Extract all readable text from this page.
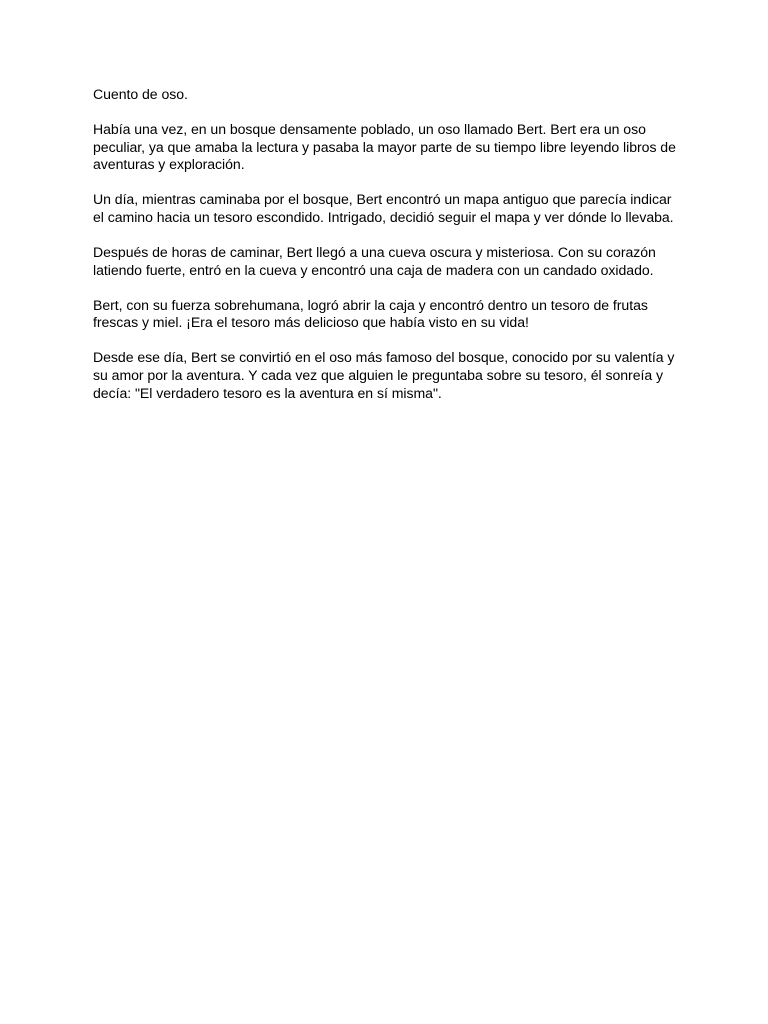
Cuento de oso.

Había una vez, en un bosque densamente poblado, un oso llamado Bert. Bert era un oso peculiar, ya que amaba la lectura y pasaba la mayor parte de su tiempo libre leyendo libros de aventuras y exploración.

Un día, mientras caminaba por el bosque, Bert encontró un mapa antiguo que parecía indicar el camino hacia un tesoro escondido. Intrigado, decidió seguir el mapa y ver dónde lo llevaba.

Después de horas de caminar, Bert llegó a una cueva oscura y misteriosa. Con su corazón latiendo fuerte, entró en la cueva y encontró una caja de madera con un candado oxidado.

Bert, con su fuerza sobrehumana, logró abrir la caja y encontró dentro un tesoro de frutas frescas y miel. ¡Era el tesoro más delicioso que había visto en su vida!

Desde ese día, Bert se convirtió en el oso más famoso del bosque, conocido por su valentía y su amor por la aventura. Y cada vez que alguien le preguntaba sobre su tesoro, él sonreía y decía: "El verdadero tesoro es la aventura en sí misma".
